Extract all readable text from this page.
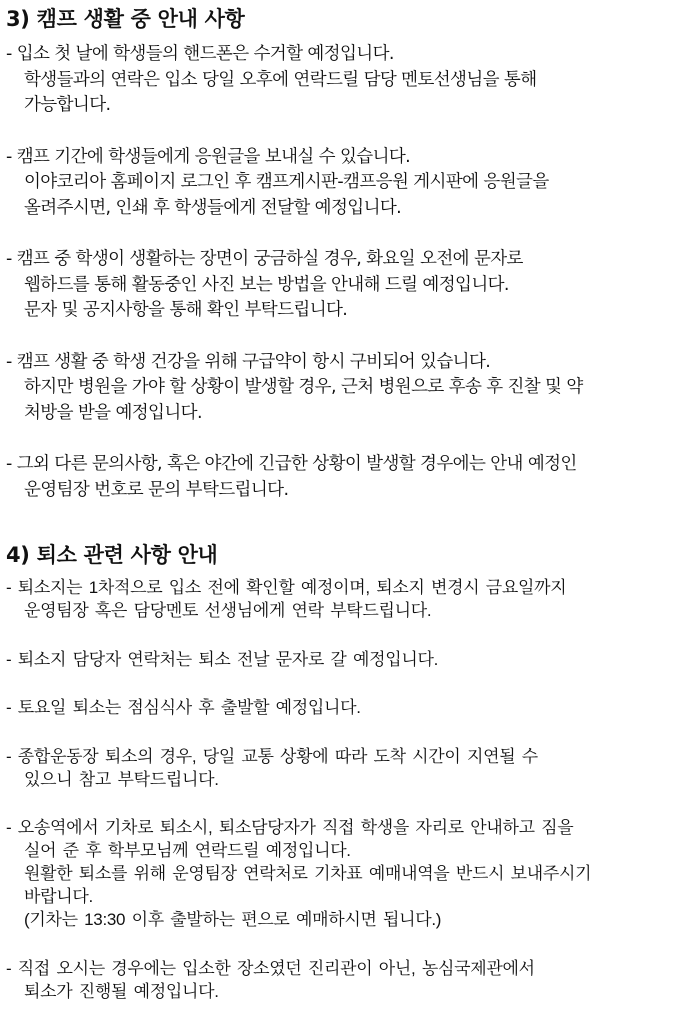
3) 캠프 생활 중 안내 사항
- 입소 첫 날에 학생들의 핸드폰은 수거할 예정입니다.
학생들과의 연락은 입소 당일 오후에 연락드릴 담당 멘토선생님을 통해
가능합니다.
- 캠프 기간에 학생들에게 응원글을 보내실 수 있습니다.
이야코리아 홈페이지 로그인 후 캠프게시판-캠프응원 게시판에 응원글을
올려주시면, 인쇄 후 학생들에게 전달할 예정입니다.
- 캠프 중 학생이 생활하는 장면이 궁금하실 경우, 화요일 오전에 문자로
웹하드를 통해 활동중인 사진 보는 방법을 안내해 드릴 예정입니다.
문자 및 공지사항을 통해 확인 부탁드립니다.
- 캠프 생활 중 학생 건강을 위해 구급약이 항시 구비되어 있습니다.
하지만 병원을 가야 할 상황이 발생할 경우, 근처 병원으로 후송 후 진찰 및 약
처방을 받을 예정입니다.
- 그외 다른 문의사항, 혹은 야간에 긴급한 상황이 발생할 경우에는 안내 예정인
운영팀장 번호로 문의 부탁드립니다.
4) 퇴소 관련 사항 안내
- 퇴소지는 1차적으로 입소 전에 확인할 예정이며, 퇴소지 변경시 금요일까지
운영팀장 혹은 담당멘토 선생님에게 연락 부탁드립니다.
- 퇴소지 담당자 연락처는 퇴소 전날 문자로 갈 예정입니다.
- 토요일 퇴소는 점심식사 후 출발할 예정입니다.
- 종합운동장 퇴소의 경우, 당일 교통 상황에 따라 도착 시간이 지연될 수
있으니 참고 부탁드립니다.
- 오송역에서 기차로 퇴소시, 퇴소담당자가 직접 학생을 자리로 안내하고 짐을
실어 준 후 학부모님께 연락드릴 예정입니다.
원활한 퇴소를 위해 운영팀장 연락처로 기차표 예매내역을 반드시 보내주시기
바랍니다.
(기차는 13:30 이후 출발하는 편으로 예매하시면 됩니다.)
- 직접 오시는 경우에는 입소한 장소였던 진리관이 아닌, 농심국제관에서
퇴소가 진행될 예정입니다.
